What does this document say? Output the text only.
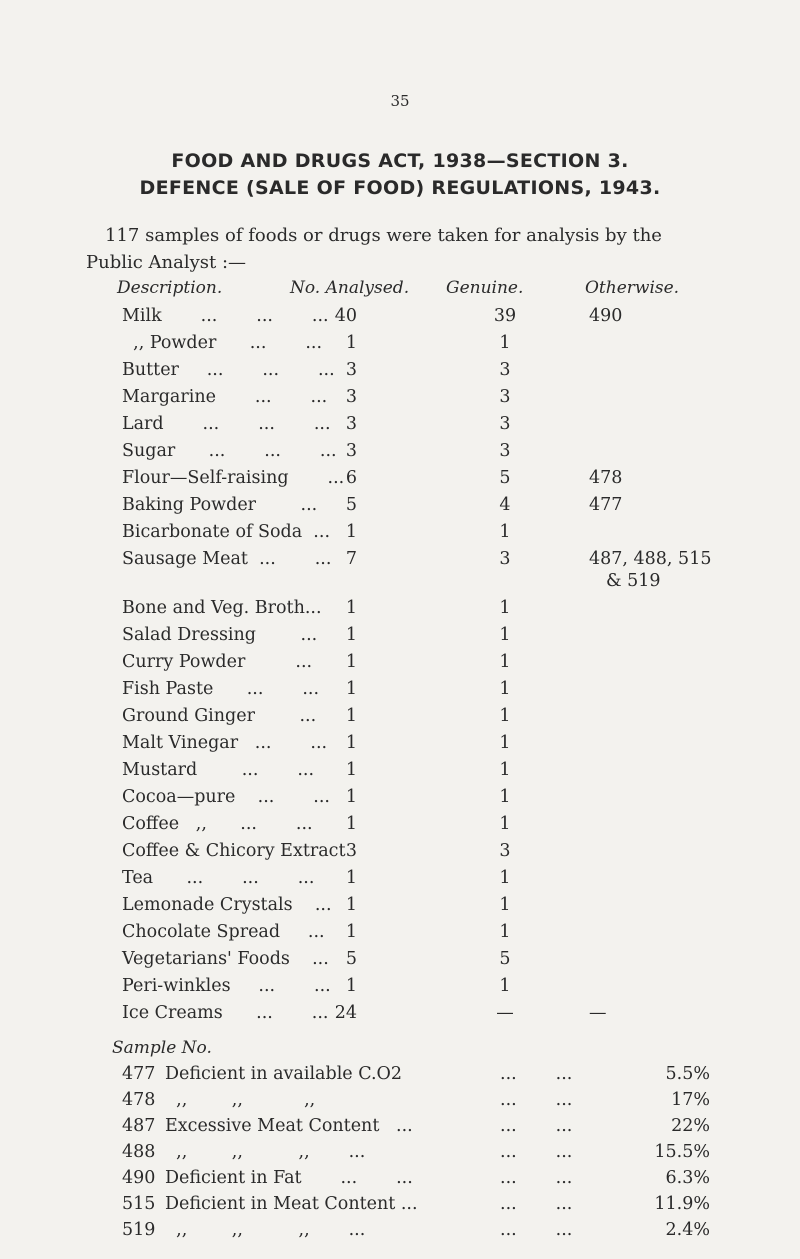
35
FOOD AND DRUGS ACT, 1938—SECTION 3.
DEFENCE (SALE OF FOOD) REGULATIONS, 1943.
117 samples of foods or drugs were taken for analysis by the
Public Analyst :—
Description.	No. Analysed. Genuine.	Otherwise.
Milk       ...       ...       ... 40	39	490
,, Powder      ...       ...	1	1
Butter     ...       ...       ... 3	3
Margarine       ...       ...	3	3
Lard       ...       ...       ... 3	3
Sugar      ...       ...       ... 3	3
Flour—Self-raising       ... 6	5	478
Baking Powder        ...	5	4	477
Bicarbonate of Soda  ... 1	1
Sausage Meat  ...       ... 7	3	487, 488, 515
& 519
Bone and Veg. Broth...	1	1
Salad Dressing        ...	1	1
Curry Powder         ...	1	1
Fish Paste      ...       ...	1	1
Ground Ginger        ...	1	1
Malt Vinegar   ...       ...	1	1
Mustard        ...       ...	1	1
Cocoa—pure    ...       ... 1	1
Coffee   ,,      ...       ...	1	1
Coffee & Chicory Extract 3	3
Tea      ...       ...       ...	1	1
Lemonade Crystals    ... 1	1
Chocolate Spread     ...	1	1
Vegetarians' Foods    ... 5	5
Peri-winkles     ...       ... 1	1
Ice Creams      ...       ... 24	—	—
Sample No.
477 Deficient in available C.O2	...       ...	5.5%
478 ,,        ,,           ,,	...       ...	17%
487 Excessive Meat Content   ...	...       ...	22%
488 ,,        ,,          ,,       ...	...       ...	15.5%
490 Deficient in Fat       ...       ...	...       ...	6.3%
515 Deficient in Meat Content ...	...       ...	11.9%
519 ,,        ,,          ,,       ...	...       ...	2.4%
